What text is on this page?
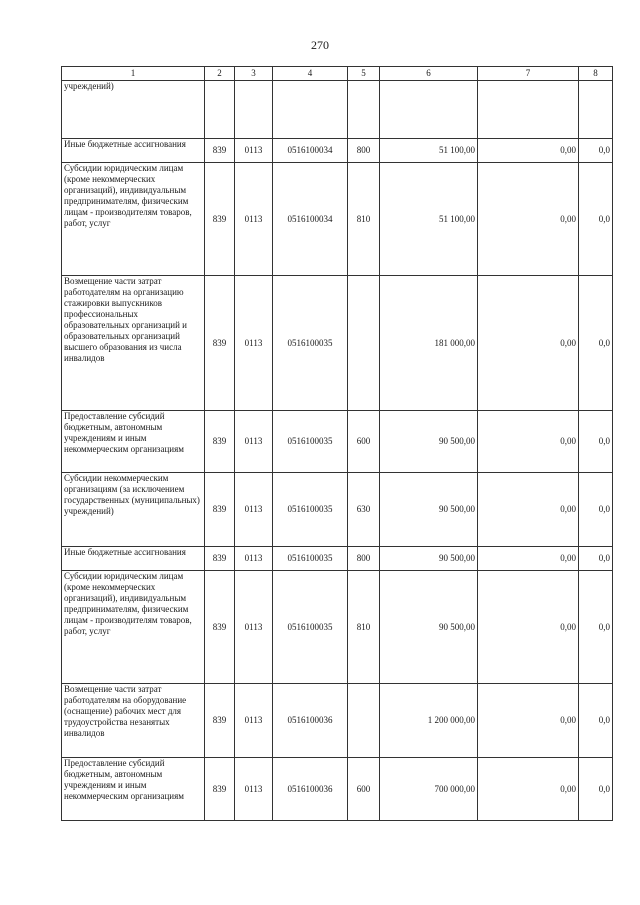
270
1	2	3	4	5	6	7	8
учреждений)							
Иные бюджетные ассигнования	839	0113	0516100034	800	51 100,00	0,00	0,0
Субсидии юридическим лицам (кроме некоммерческих организаций), индивидуальным предпринимателям, физическим лицам - производителям товаров, работ, услуг	839	0113	0516100034	810	51 100,00	0,00	0,0
Возмещение части затрат работодателям на организацию стажировки выпускников профессиональных образовательных организаций и образовательных организаций высшего образования из числа инвалидов	839	0113	0516100035		181 000,00	0,00	0,0
Предоставление субсидий бюджетным, автономным учреждениям и иным некоммерческим организациям	839	0113	0516100035	600	90 500,00	0,00	0,0
Субсидии некоммерческим организациям (за исключением государственных (муниципальных) учреждений)	839	0113	0516100035	630	90 500,00	0,00	0,0
Иные бюджетные ассигнования	839	0113	0516100035	800	90 500,00	0,00	0,0
Субсидии юридическим лицам (кроме некоммерческих организаций), индивидуальным предпринимателям, физическим лицам - производителям товаров, работ, услуг	839	0113	0516100035	810	90 500,00	0,00	0,0
Возмещение части затрат работодателям на оборудование (оснащение) рабочих мест для трудоустройства незанятых инвалидов	839	0113	0516100036		1 200 000,00	0,00	0,0
Предоставление субсидий бюджетным, автономным учреждениям и иным некоммерческим организациям	839	0113	0516100036	600	700 000,00	0,00	0,0
